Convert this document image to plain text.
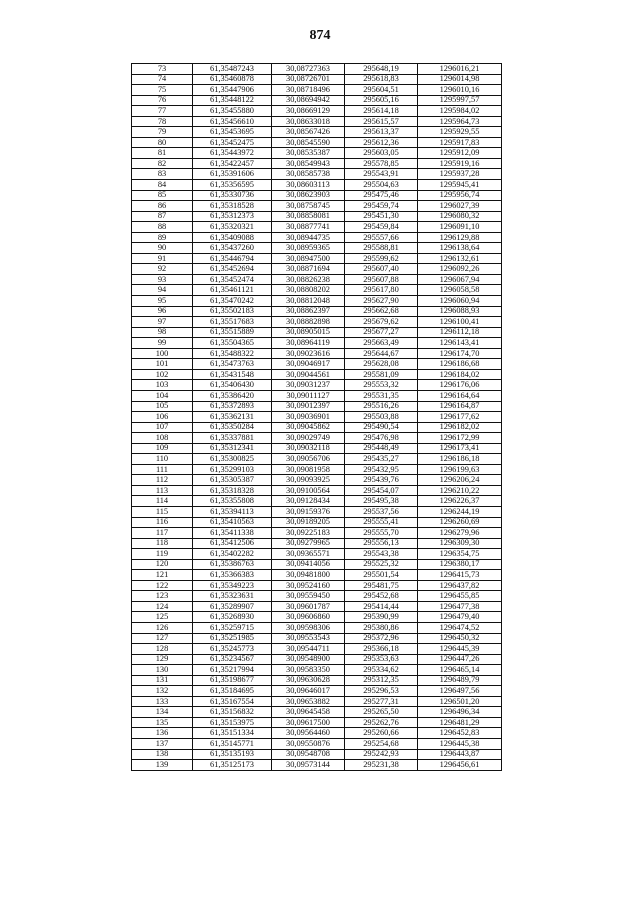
874
73	61,35487243	30,08727363	295648,19	1296016,21
74	61,35460878	30,08726701	295618,83	1296014,98
75	61,35447906	30,08718496	295604,51	1296010,16
76	61,35448122	30,08694942	295605,16	1295997,57
77	61,35455880	30,08669129	295614,18	1295984,02
78	61,35456610	30,08633018	295615,57	1295964,73
79	61,35453695	30,08567426	295613,37	1295929,55
80	61,35452475	30,08545590	295612,36	1295917,83
81	61,35443972	30,08535387	295603,05	1295912,09
82	61,35422457	30,08549943	295578,85	1295919,16
83	61,35391606	30,08585738	295543,91	1295937,28
84	61,35356595	30,08603113	295504,63	1295945,41
85	61,35330736	30,08623903	295475,46	1295956,74
86	61,35318528	30,08758745	295459,74	1296027,39
87	61,35312373	30,08858081	295451,30	1296080,32
88	61,35320321	30,08877741	295459,84	1296091,10
89	61,35409088	30,08944735	295557,66	1296129,88
90	61,35437260	30,08959365	295588,81	1296138,64
91	61,35446794	30,08947500	295599,62	1296132,61
92	61,35452694	30,08871694	295607,40	1296092,26
93	61,35452474	30,08826238	295607,88	1296067,94
94	61,35461121	30,08808202	295617,80	1296058,58
95	61,35470242	30,08812048	295627,90	1296060,94
96	61,35502183	30,08862397	295662,68	1296088,93
97	61,35517683	30,08882898	295679,62	1296100,41
98	61,35515889	30,08905015	295677,27	1296112,18
99	61,35504365	30,08964119	295663,49	1296143,41
100	61,35488322	30,09023616	295644,67	1296174,70
101	61,35473763	30,09046917	295628,08	1296186,68
102	61,35431548	30,09044561	295581,09	1296184,02
103	61,35406430	30,09031237	295553,32	1296176,06
104	61,35386420	30,09011127	295531,35	1296164,64
105	61,35372893	30,09012397	295516,26	1296164,87
106	61,35362131	30,09036901	295503,88	1296177,62
107	61,35350284	30,09045862	295490,54	1296182,02
108	61,35337881	30,09029749	295476,98	1296172,99
109	61,35312341	30,09032118	295448,49	1296173,41
110	61,35300825	30,09056706	295435,27	1296186,18
111	61,35299103	30,09081958	295432,95	1296199,63
112	61,35305387	30,09093925	295439,76	1296206,24
113	61,35318328	30,09100564	295454,07	1296210,22
114	61,35355808	30,09128434	295495,38	1296226,37
115	61,35394113	30,09159376	295537,56	1296244,19
116	61,35410563	30,09189205	295555,41	1296260,69
117	61,35411338	30,09225183	295555,70	1296279,96
118	61,35412506	30,09279965	295556,13	1296309,30
119	61,35402282	30,09365571	295543,38	1296354,75
120	61,35386763	30,09414056	295525,32	1296380,17
121	61,35366383	30,09481800	295501,54	1296415,73
122	61,35349223	30,09524160	295481,75	1296437,82
123	61,35323631	30,09559450	295452,68	1296455,85
124	61,35289907	30,09601787	295414,44	1296477,38
125	61,35268930	30,09606860	295390,99	1296479,40
126	61,35259715	30,09598306	295380,86	1296474,52
127	61,35251985	30,09553543	295372,96	1296450,32
128	61,35245773	30,09544711	295366,18	1296445,39
129	61,35234567	30,09548900	295353,63	1296447,26
130	61,35217994	30,09583350	295334,62	1296465,14
131	61,35198677	30,09630628	295312,35	1296489,79
132	61,35184695	30,09646017	295296,53	1296497,56
133	61,35167554	30,09653882	295277,31	1296501,20
134	61,35156832	30,09645458	295265,50	1296496,34
135	61,35153975	30,09617500	295262,76	1296481,29
136	61,35151334	30,09564460	295260,66	1296452,83
137	61,35145771	30,09550876	295254,68	1296445,38
138	61,35135193	30,09548708	295242,93	1296443,87
139	61,35125173	30,09573144	295231,38	1296456,61
